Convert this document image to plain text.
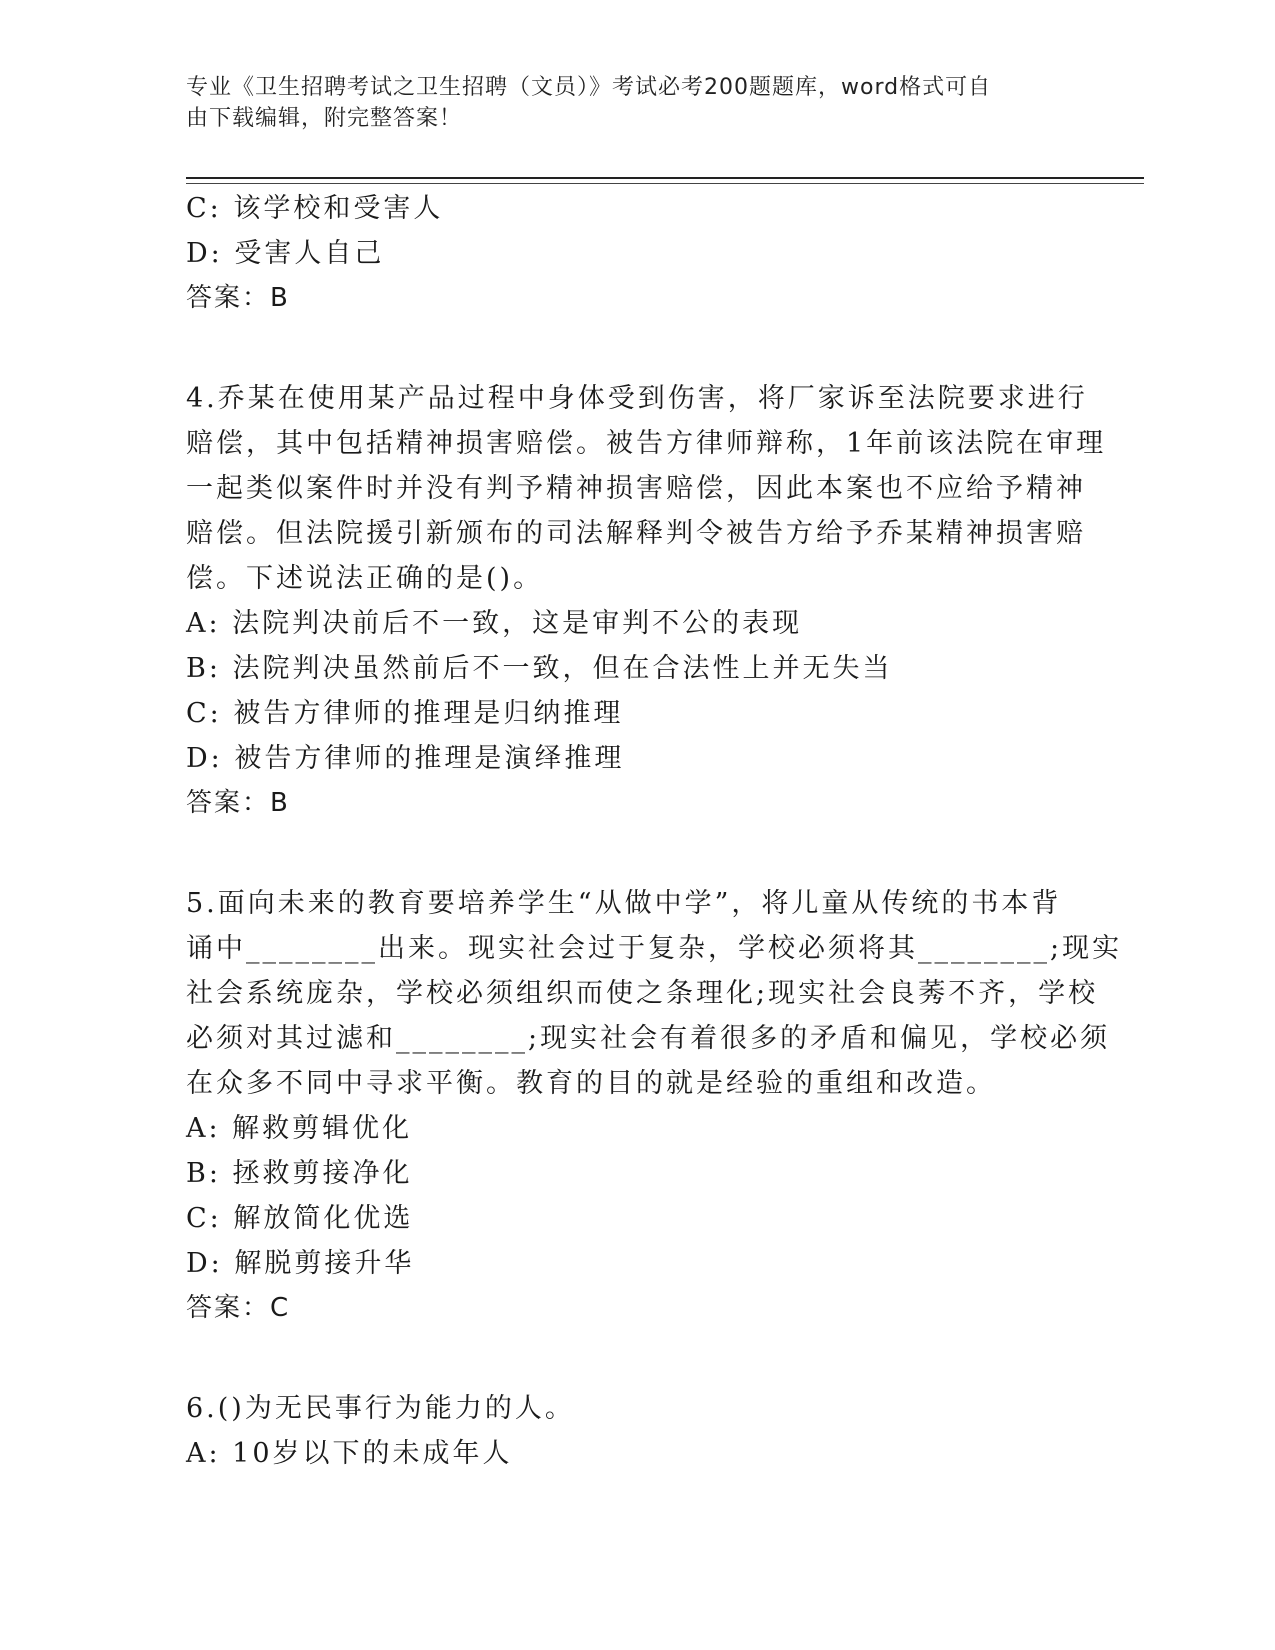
专业《卫生招聘考试之卫生招聘（文员）》考试必考200题题库，word格式可自
由下载编辑，附完整答案！
C: 该学校和受害人
D: 受害人自己
答案：B
4.乔某在使用某产品过程中身体受到伤害，将厂家诉至法院要求进行
赔偿，其中包括精神损害赔偿。被告方律师辩称，1年前该法院在审理
一起类似案件时并没有判予精神损害赔偿，因此本案也不应给予精神
赔偿。但法院援引新颁布的司法解释判令被告方给予乔某精神损害赔
偿。下述说法正确的是()。
A: 法院判决前后不一致，这是审判不公的表现
B: 法院判决虽然前后不一致，但在合法性上并无失当
C: 被告方律师的推理是归纳推理
D: 被告方律师的推理是演绎推理
答案：B
5.面向未来的教育要培养学生“从做中学”，将儿童从传统的书本背
诵中________出来。现实社会过于复杂，学校必须将其________;现实
社会系统庞杂，学校必须组织而使之条理化;现实社会良莠不齐，学校
必须对其过滤和________;现实社会有着很多的矛盾和偏见，学校必须
在众多不同中寻求平衡。教育的目的就是经验的重组和改造。
A: 解救剪辑优化
B: 拯救剪接净化
C: 解放简化优选
D: 解脱剪接升华
答案：C
6.()为无民事行为能力的人。
A: 10岁以下的未成年人
